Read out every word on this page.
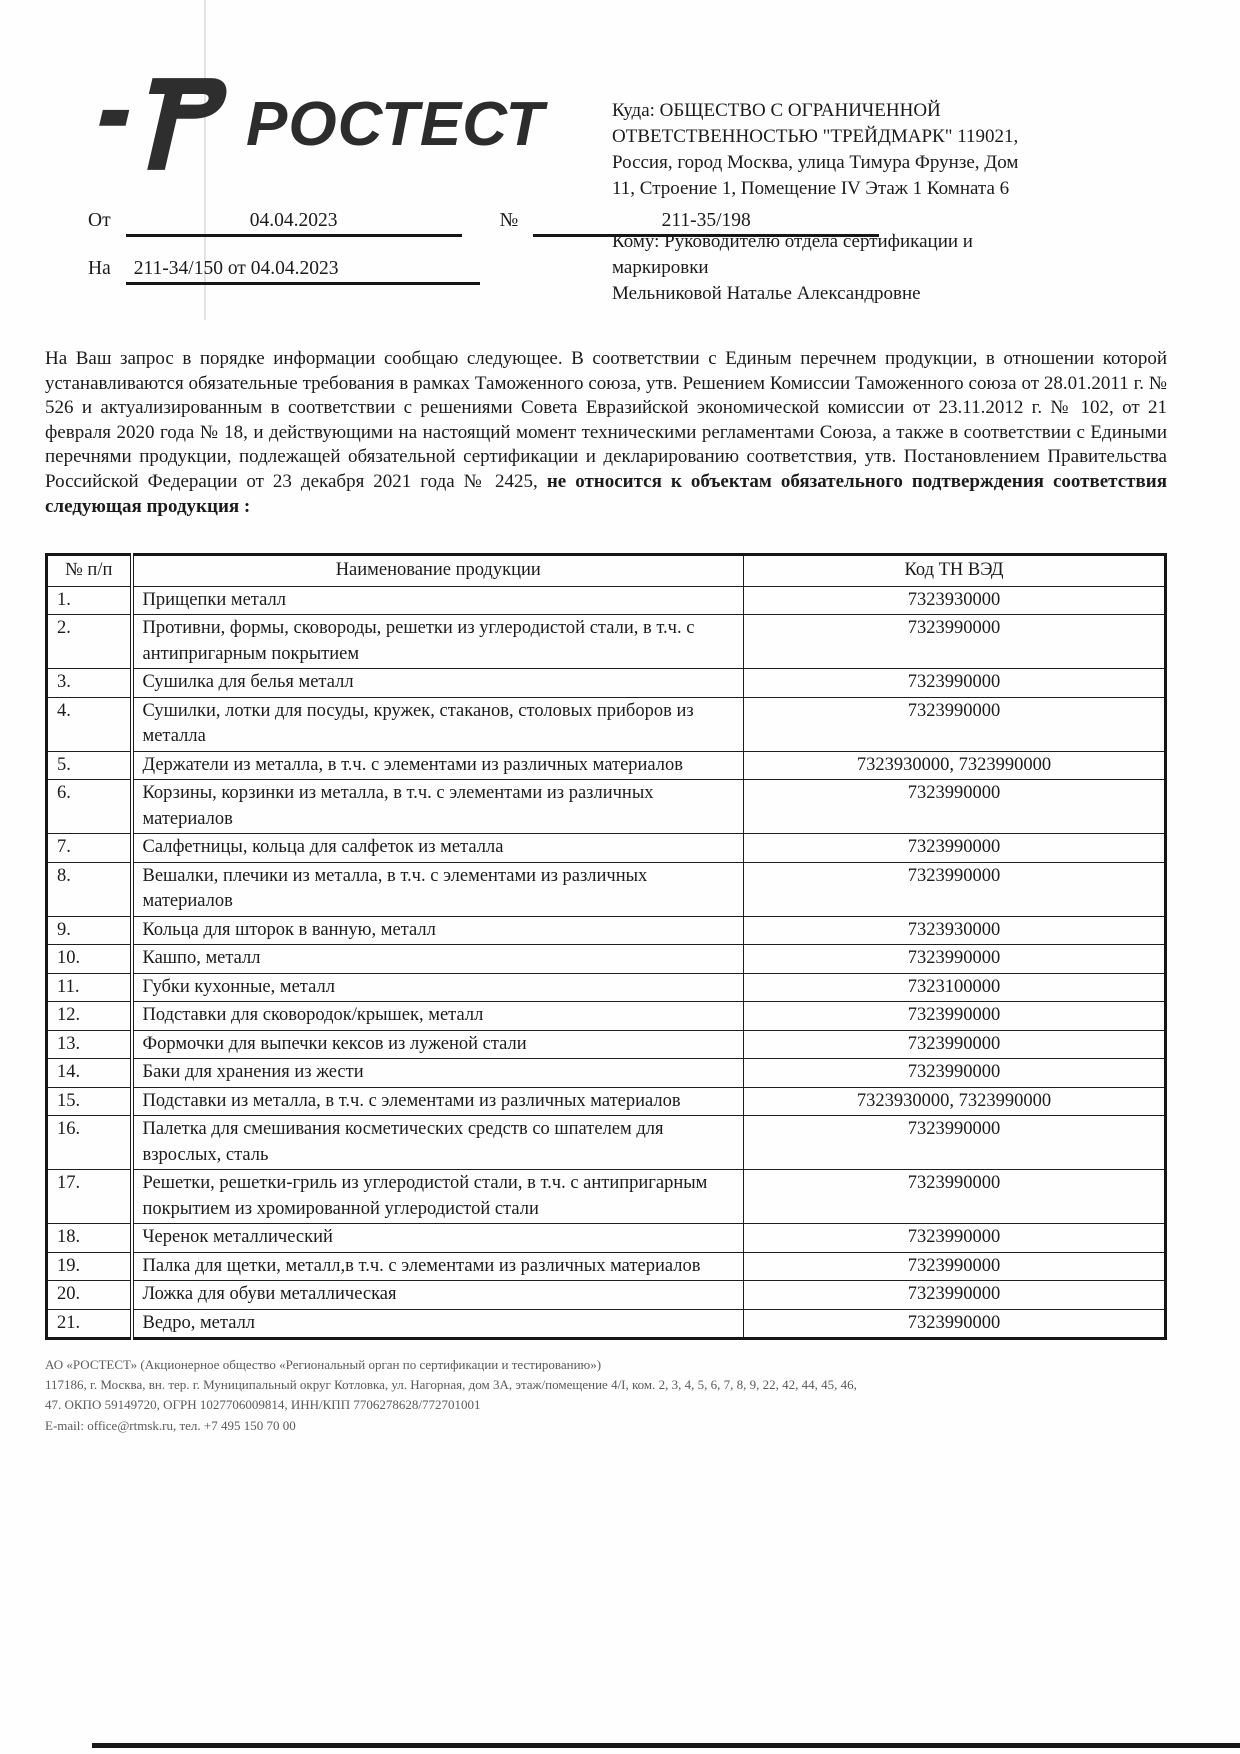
РОСТЕСТ	Куда: ОБЩЕСТВО С ОГРАНИЧЕННОЙ ОТВЕТСТВЕННОСТЬЮ "ТРЕЙДМАРК" 119021, Россия, город Москва, улица Тимура Фрунзе, Дом 11, Строение 1, Помещение IV Этаж 1 Комната 6

Кому: Руководителю отдела сертификации и маркировки

Мельниковой Наталье Александровне

От	04.04.2023	№	211-35/198
На	211-34/150 от 04.04.2023

На Ваш запрос в порядке информации сообщаю следующее. В соответствии с Единым перечнем продукции, в отношении которой устанавливаются обязательные требования в рамках Таможенного союза, утв. Решением Комиссии Таможенного союза от 28.01.2011 г. № 526 и актуализированным в соответствии с решениями Совета Евразийской экономической комиссии от 23.11.2012 г. № 102, от 21 февраля 2020 года № 18, и действующими на настоящий момент техническими регламентами Союза, а также в соответствии с Едиными перечнями продукции, подлежащей обязательной сертификации и декларированию соответствия, утв. Постановлением Правительства Российской Федерации от 23 декабря 2021 года № 2425, не относится к объектам обязательного подтверждения соответствия следующая продукция :

№ п/п	Наименование продукции	Код ТН ВЭД
1.	Прищепки металл	7323930000
2.	Противни, формы, сковороды, решетки из углеродистой стали, в т.ч. с антипригарным покрытием	7323990000
3.	Сушилка для белья металл	7323990000
4.	Сушилки, лотки для посуды, кружек, стаканов, столовых приборов из металла	7323990000
5.	Держатели из металла, в т.ч. с элементами из различных материалов	7323930000, 7323990000
6.	Корзины, корзинки из металла, в т.ч. с элементами из различных материалов	7323990000
7.	Салфетницы, кольца для салфеток из металла	7323990000
8.	Вешалки, плечики из металла, в т.ч. с элементами из различных материалов	7323990000
9.	Кольца для шторок в ванную, металл	7323930000
10.	Кашпо, металл	7323990000
11.	Губки кухонные, металл	7323100000
12.	Подставки для сковородок/крышек, металл	7323990000
13.	Формочки для выпечки кексов из луженой стали	7323990000
14.	Баки для хранения из жести	7323990000
15.	Подставки из металла, в т.ч. с элементами из различных материалов	7323930000, 7323990000
16.	Палетка для смешивания косметических средств со шпателем для взрослых, сталь	7323990000
17.	Решетки, решетки-гриль из углеродистой стали, в т.ч. с антипригарным покрытием из хромированной углеродистой стали	7323990000
18.	Черенок металлический	7323990000
19.	Палка для щетки, металл,в т.ч. с элементами из различных материалов	7323990000
20.	Ложка для обуви металлическая	7323990000
21.	Ведро, металл	7323990000

АО «РОСТЕСТ» (Акционерное общество «Региональный орган по сертификации и тестированию»)

117186, г. Москва, вн. тер. г. Муниципальный округ Котловка, ул. Нагорная, дом 3А, этаж/помещение 4/I, ком. 2, 3, 4, 5, 6, 7, 8, 9, 22, 42, 44, 45, 46,

47. ОКПО 59149720, ОГРН 1027706009814, ИНН/КПП 7706278628/772701001

E-mail: office@rtmsk.ru, тел. +7 495 150 70 00
